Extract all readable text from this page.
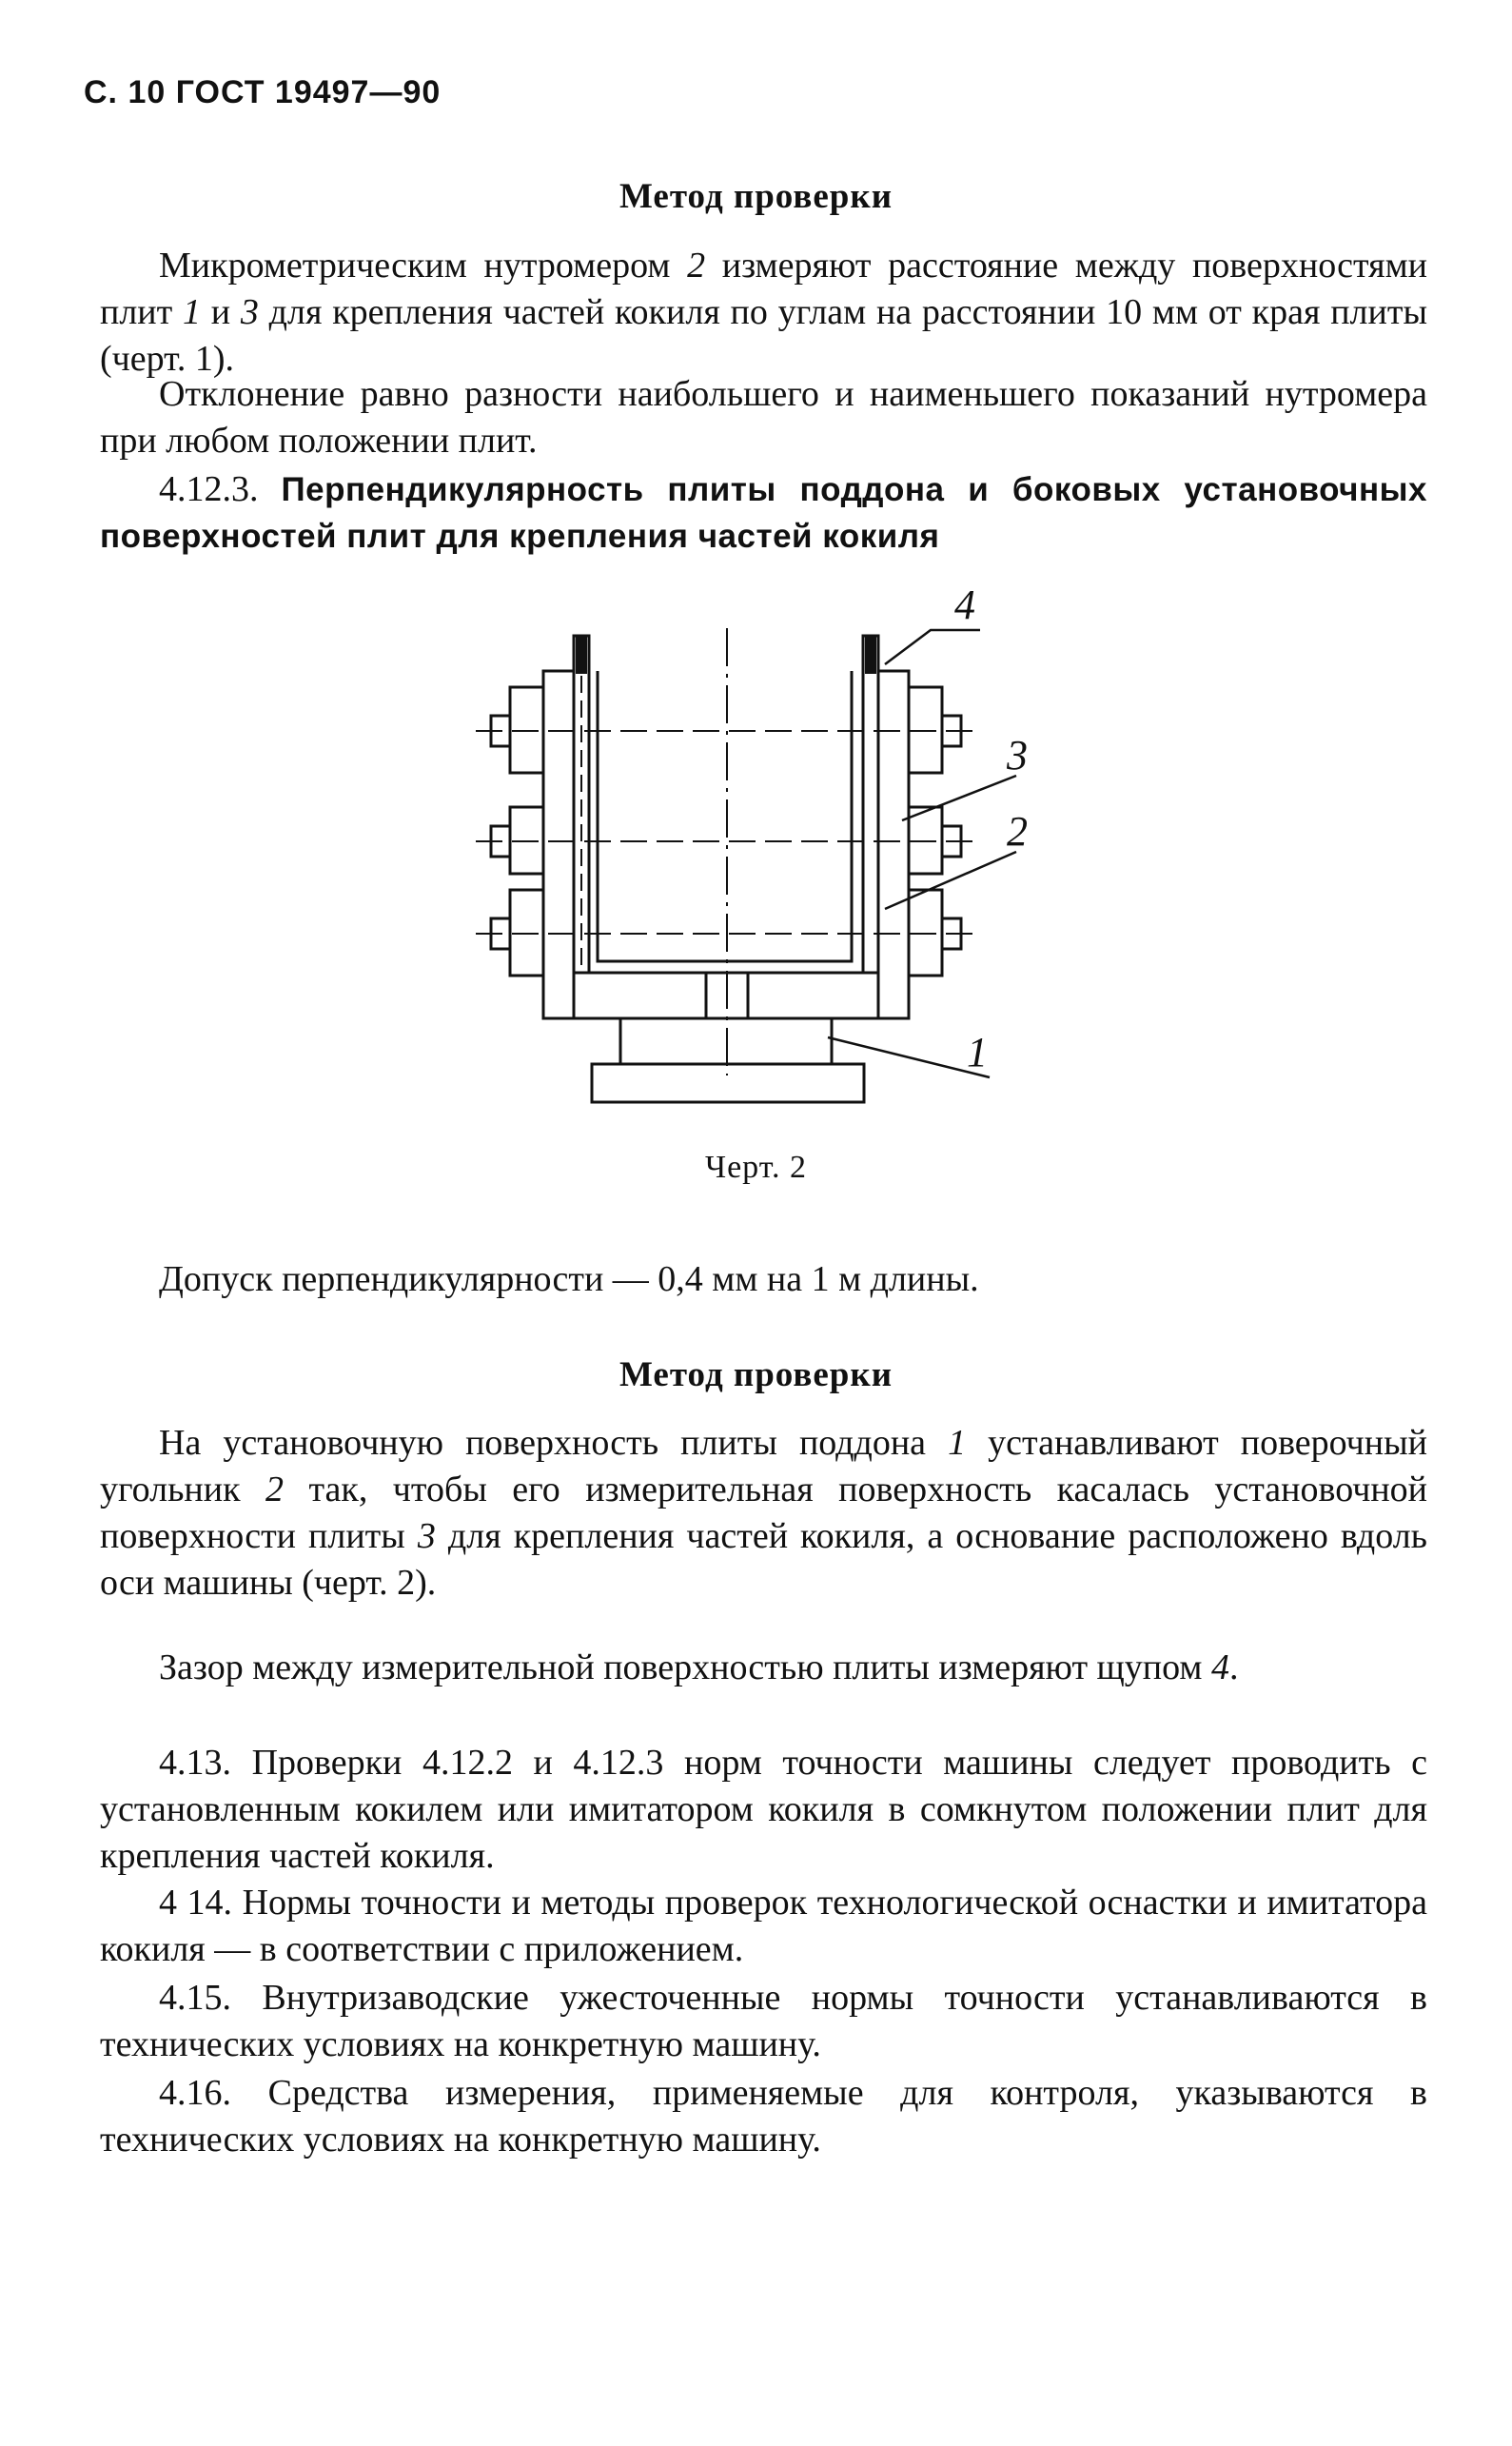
С. 10 ГОСТ 19497—90
Метод проверки

Микрометрическим нутромером 2 измеряют расстояние между поверхностями плит 1 и 3 для крепления частей кокиля по углам на расстоянии 10 мм от края плиты (черт. 1).

Отклонение равно разности наибольшего и наименьшего показаний нутромера при любом положении плит.

4.12.3. Перпендикулярность плиты поддона и боковых установочных поверхностей плит для крепления частей кокиля

4
3
2
1
Черт. 2

Допуск перпендикулярности — 0,4 мм на 1 м длины.

Метод проверки

На установочную поверхность плиты поддона 1 устанавливают поверочный угольник 2 так, чтобы его измерительная поверхность касалась установочной поверхности плиты 3 для крепления частей кокиля, а основание расположено вдоль оси машины (черт. 2).

Зазор между измерительной поверхностью плиты измеряют щупом 4.

4.13. Проверки 4.12.2 и 4.12.3 норм точности машины следует проводить с установленным кокилем или имитатором кокиля в сомкнутом положении плит для крепления частей кокиля.

4 14. Нормы точности и методы проверок технологической оснастки и имитатора кокиля — в соответствии с приложением.

4.15. Внутризаводские ужесточенные нормы точности устанавливаются в технических условиях на конкретную машину.

4.16. Средства измерения, применяемые для контроля, указываются в технических условиях на конкретную машину.
